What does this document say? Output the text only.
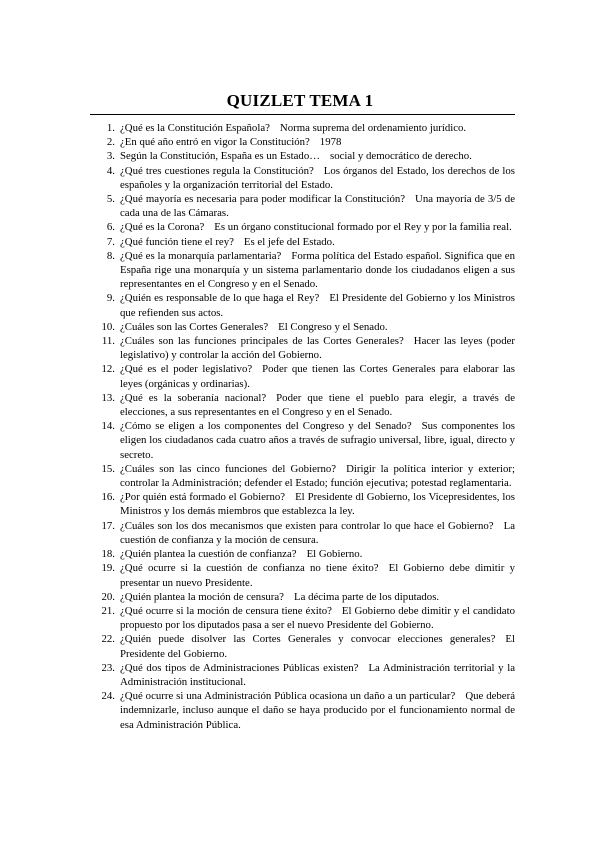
QUIZLET TEMA 1
1. ¿Qué es la Constitución Española? Norma suprema del ordenamiento jurídico.
2. ¿En qué año entró en vigor la Constitución? 1978
3. Según la Constitución, España es un Estado… social y democrático de derecho.
4. ¿Qué tres cuestiones regula la Constitución? Los órganos del Estado, los derechos de los españoles y la organización territorial del Estado.
5. ¿Qué mayoría es necesaria para poder modificar la Constitución? Una mayoría de 3/5 de cada una de las Cámaras.
6. ¿Qué es la Corona? Es un órgano constitucional formado por el Rey y por la familia real.
7. ¿Qué función tiene el rey? Es el jefe del Estado.
8. ¿Qué es la monarquía parlamentaria? Forma política del Estado español. Significa que en España rige una monarquía y un sistema parlamentario donde los ciudadanos eligen a sus representantes en el Congreso y en el Senado.
9. ¿Quién es responsable de lo que haga el Rey? El Presidente del Gobierno y los Ministros que refienden sus actos.
10. ¿Cuáles son las Cortes Generales? El Congreso y el Senado.
11. ¿Cuáles son las funciones principales de las Cortes Generales? Hacer las leyes (poder legislativo) y controlar la acción del Gobierno.
12. ¿Qué es el poder legislativo? Poder que tienen las Cortes Generales para elaborar las leyes (orgánicas y ordinarias).
13. ¿Qué es la soberanía nacional? Poder que tiene el pueblo para elegir, a través de elecciones, a sus representantes en el Congreso y en el Senado.
14. ¿Cómo se eligen a los componentes del Congreso y del Senado? Sus componentes los eligen los ciudadanos cada cuatro años a través de sufragio universal, libre, igual, directo y secreto.
15. ¿Cuáles son las cinco funciones del Gobierno? Dirigir la política interior y exterior; controlar la Administración; defender el Estado; función ejecutiva; potestad reglamentaria.
16. ¿Por quién está formado el Gobierno? El Presidente dl Gobierno, los Vicepresidentes, los Ministros y los demás miembros que establezca la ley.
17. ¿Cuáles son los dos mecanismos que existen para controlar lo que hace el Gobierno? La cuestión de confianza y la moción de censura.
18. ¿Quién plantea la cuestión de confianza? El Gobierno.
19. ¿Qué ocurre si la cuestión de confianza no tiene éxito? El Gobierno debe dimitir y presentar un nuevo Presidente.
20. ¿Quién plantea la moción de censura? La décima parte de los diputados.
21. ¿Qué ocurre si la moción de censura tiene éxito? El Gobierno debe dimitir y el candidato propuesto por los diputados pasa a ser el nuevo Presidente del Gobierno.
22. ¿Quién puede disolver las Cortes Generales y convocar elecciones generales? El Presidente del Gobierno.
23. ¿Qué dos tipos de Administraciones Públicas existen? La Administración territorial y la Administración institucional.
24. ¿Qué ocurre si una Administración Pública ocasiona un daño a un particular? Que deberá indemnizarle, incluso aunque el daño se haya producido por el funcionamiento normal de esa Administración Pública.
